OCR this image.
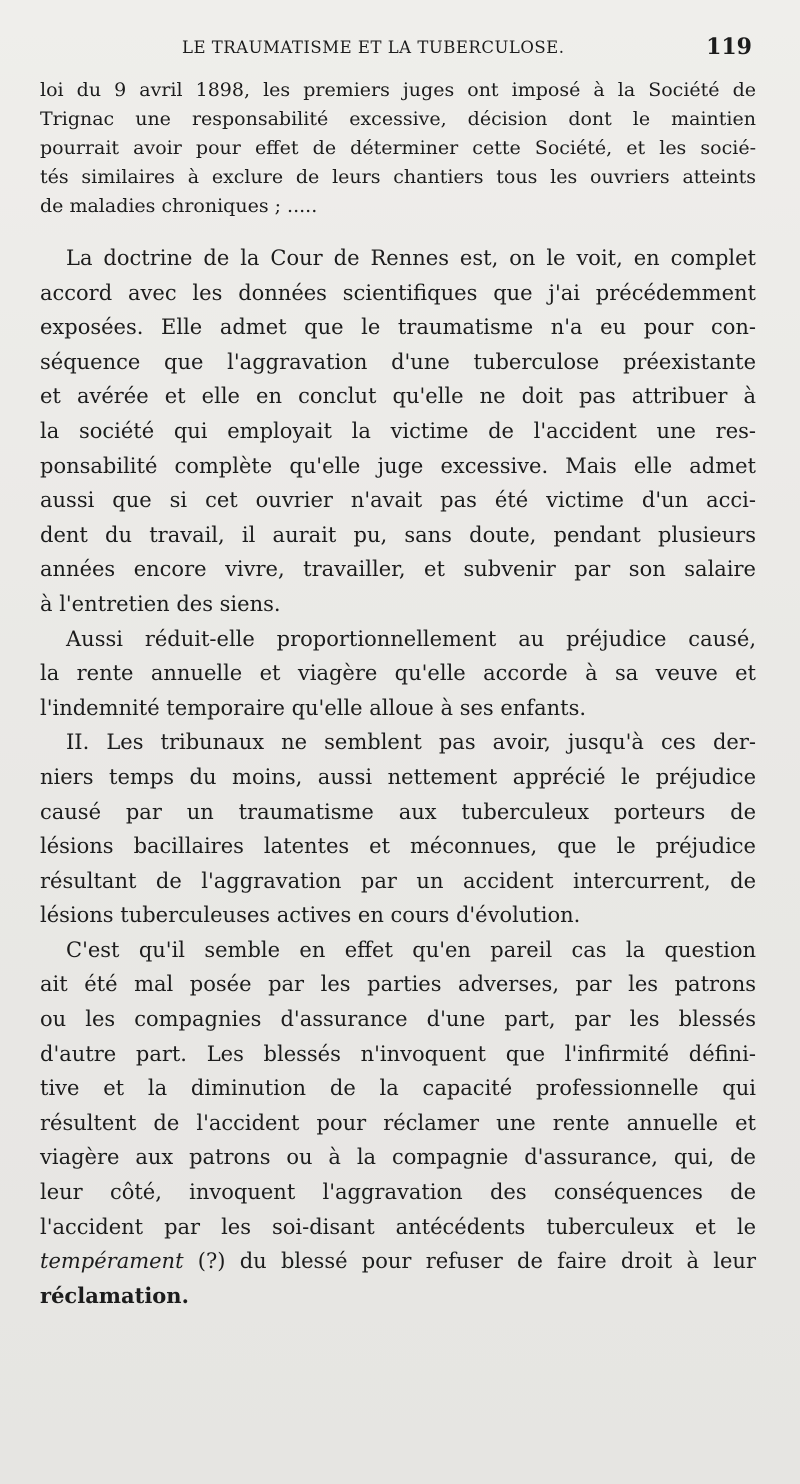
LE TRAUMATISME ET LA TUBERCULOSE.	119
loi du 9 avril 1898, les premiers juges ont imposé à la Société de
Trignac une responsabilité excessive, décision dont le maintien
pourrait avoir pour effet de déterminer cette Société, et les socié-
tés similaires à exclure de leurs chantiers tous les ouvriers atteints
de maladies chroniques ; .....
La doctrine de la Cour de Rennes est, on le voit, en complet
accord avec les données scientifiques que j'ai précédemment
exposées. Elle admet que le traumatisme n'a eu pour con-
séquence que l'aggravation d'une tuberculose préexistante
et avérée et elle en conclut qu'elle ne doit pas attribuer à
la société qui employait la victime de l'accident une res-
ponsabilité complète qu'elle juge excessive. Mais elle admet
aussi que si cet ouvrier n'avait pas été victime d'un acci-
dent du travail, il aurait pu, sans doute, pendant plusieurs
années encore vivre, travailler, et subvenir par son salaire
à l'entretien des siens.
Aussi réduit-elle proportionnellement au préjudice causé,
la rente annuelle et viagère qu'elle accorde à sa veuve et
l'indemnité temporaire qu'elle alloue à ses enfants.
II. Les tribunaux ne semblent pas avoir, jusqu'à ces der-
niers temps du moins, aussi nettement apprécié le préjudice
causé par un traumatisme aux tuberculeux porteurs de
lésions bacillaires latentes et méconnues, que le préjudice
résultant de l'aggravation par un accident intercurrent, de
lésions tuberculeuses actives en cours d'évolution.
C'est qu'il semble en effet qu'en pareil cas la question
ait été mal posée par les parties adverses, par les patrons
ou les compagnies d'assurance d'une part, par les blessés
d'autre part. Les blessés n'invoquent que l'infirmité défini-
tive et la diminution de la capacité professionnelle qui
résultent de l'accident pour réclamer une rente annuelle et
viagère aux patrons ou à la compagnie d'assurance, qui, de
leur côté, invoquent l'aggravation des conséquences de
l'accident par les soi-disant antécédents tuberculeux et le
tempérament (?) du blessé pour refuser de faire droit à leur
réclamation.
